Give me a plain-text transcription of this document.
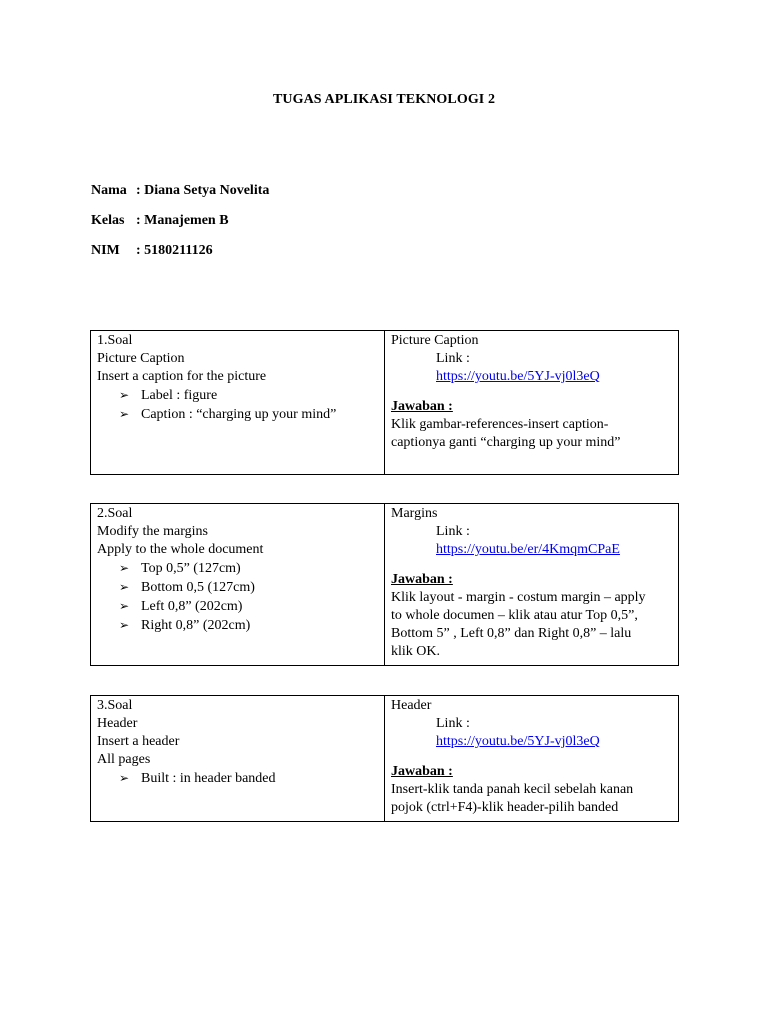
TUGAS APLIKASI TEKNOLOGI 2
Nama : Diana Setya Novelita
Kelas : Manajemen B
NIM : 5180211126
1.Soal
Picture Caption
Insert a caption for the picture
➢ Label : figure
➢ Caption : “charging up your mind”

Picture Caption
Link :
https://youtu.be/5YJ-vj0l3eQ
Jawaban :
Klik gambar-references-insert caption-
captionya ganti “charging up your mind”
2.Soal
Modify the margins
Apply to the whole document
➢ Top 0,5” (127cm)
➢ Bottom 0,5 (127cm)
➢ Left 0,8” (202cm)
➢ Right 0,8” (202cm)

Margins
Link :
https://youtu.be/er/4KmqmCPaE
Jawaban :
Klik layout - margin - costum margin – apply
to whole documen – klik atau atur Top 0,5”,
Bottom 5” , Left 0,8” dan Right 0,8” – lalu
klik OK.
3.Soal
Header
Insert a header
All pages
➢ Built : in header banded

Header
Link :
https://youtu.be/5YJ-vj0l3eQ
Jawaban :
Insert-klik tanda panah kecil sebelah kanan
pojok (ctrl+F4)-klik header-pilih banded
